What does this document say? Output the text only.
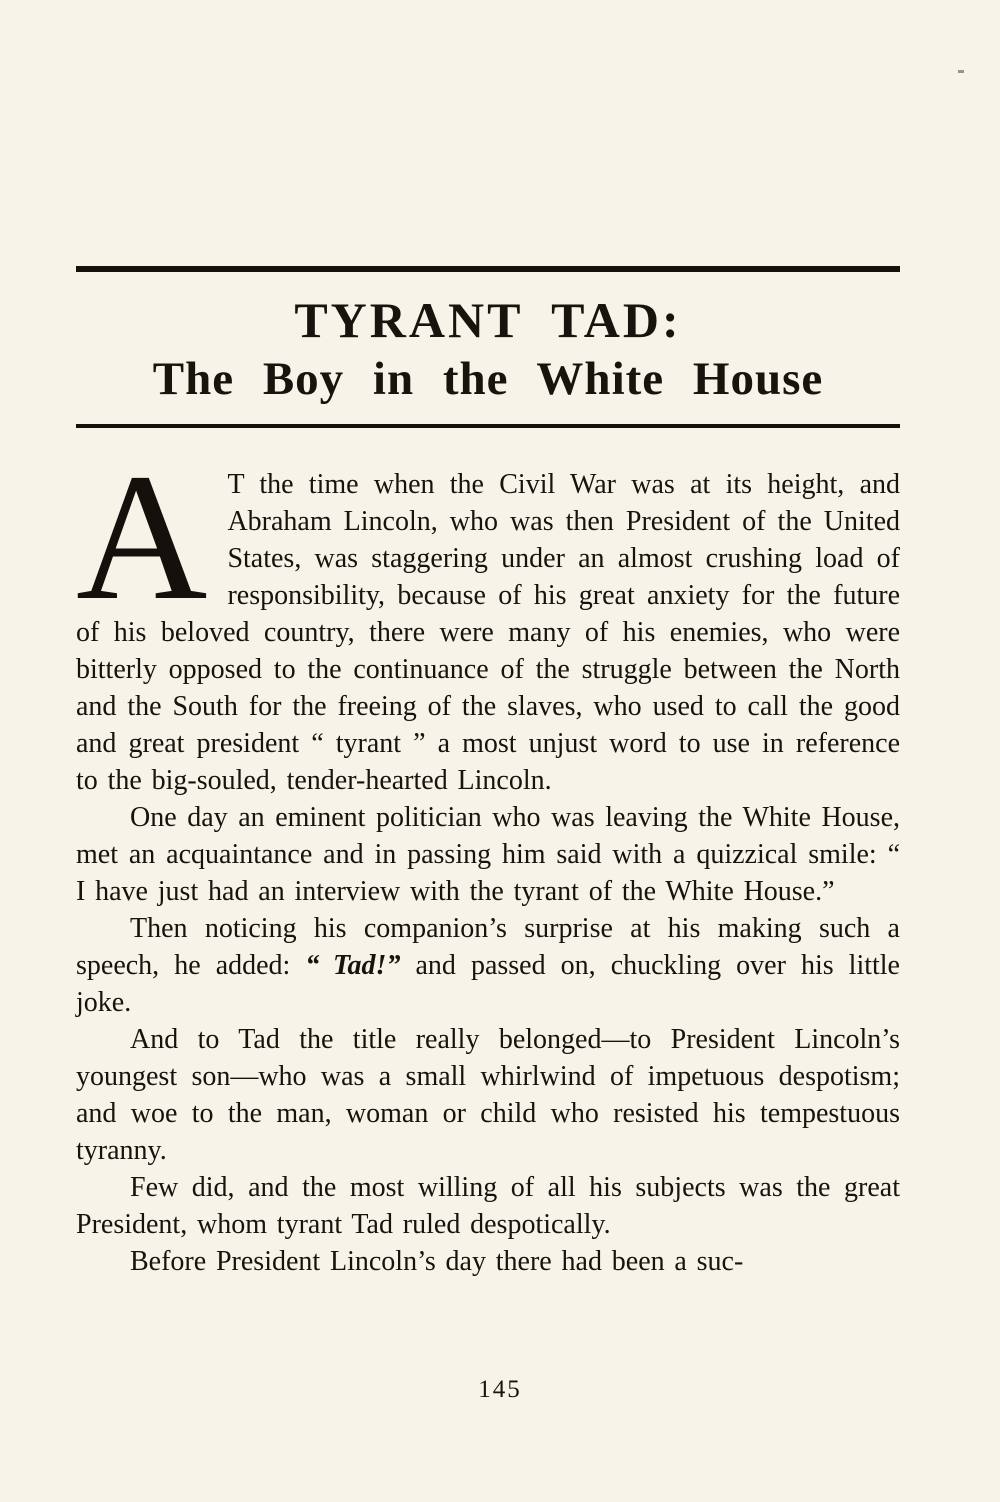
TYRANT TAD:
The Boy in the White House

A T the time when the Civil War was at its height, and Abraham Lincoln, who was then President of the United States, was staggering under an almost crushing load of responsibility, because of his great anxiety for the future of his beloved country, there were many of his enemies, who were bitterly opposed to the continuance of the struggle between the North and the South for the freeing of the slaves, who used to call the good and great president “ tyrant ” a most unjust word to use in reference to the big-souled, tender-hearted Lincoln.

One day an eminent politician who was leaving the White House, met an acquaintance and in passing him said with a quizzical smile: “ I have just had an interview with the tyrant of the White House.”

Then noticing his companion’s surprise at his making such a speech, he added: “ Tad!” and passed on, chuckling over his little joke.

And to Tad the title really belonged—to President Lincoln’s youngest son—who was a small whirlwind of impetuous despotism; and woe to the man, woman or child who resisted his tempestuous tyranny.

Few did, and the most willing of all his subjects was the great President, whom tyrant Tad ruled despotically.

Before President Lincoln’s day there had been a suc-

145
